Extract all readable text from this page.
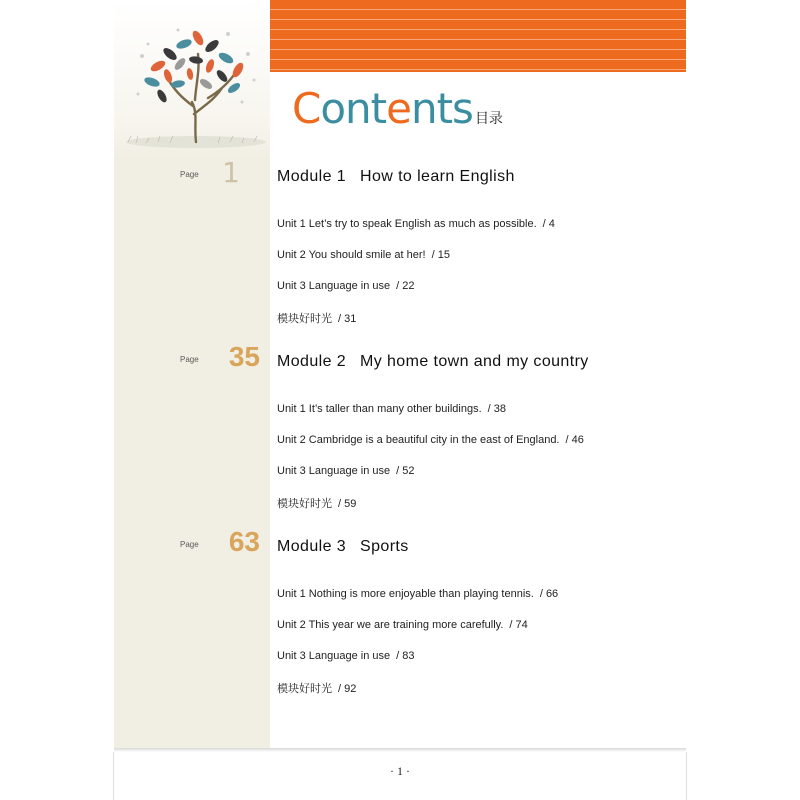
Contents 目录
Page 1 Module 1 How to learn English
Unit 1 Let’s try to speak English as much as possible. / 4
Unit 2 You should smile at her! / 15
Unit 3 Language in use / 22
模块好时光 / 31
Page	35 Module 2 My home town and my country
Unit 1 It’s taller than many other buildings. / 38
Unit 2 Cambridge is a beautiful city in the east of England. / 46
Unit 3 Language in use / 52
模块好时光 / 59
Page	63 Module 3 Sports
Unit 1 Nothing is more enjoyable than playing tennis. / 66
Unit 2 This year we are training more carefully. / 74
Unit 3 Language in use / 83
模块好时光 / 92
· 1 ·
